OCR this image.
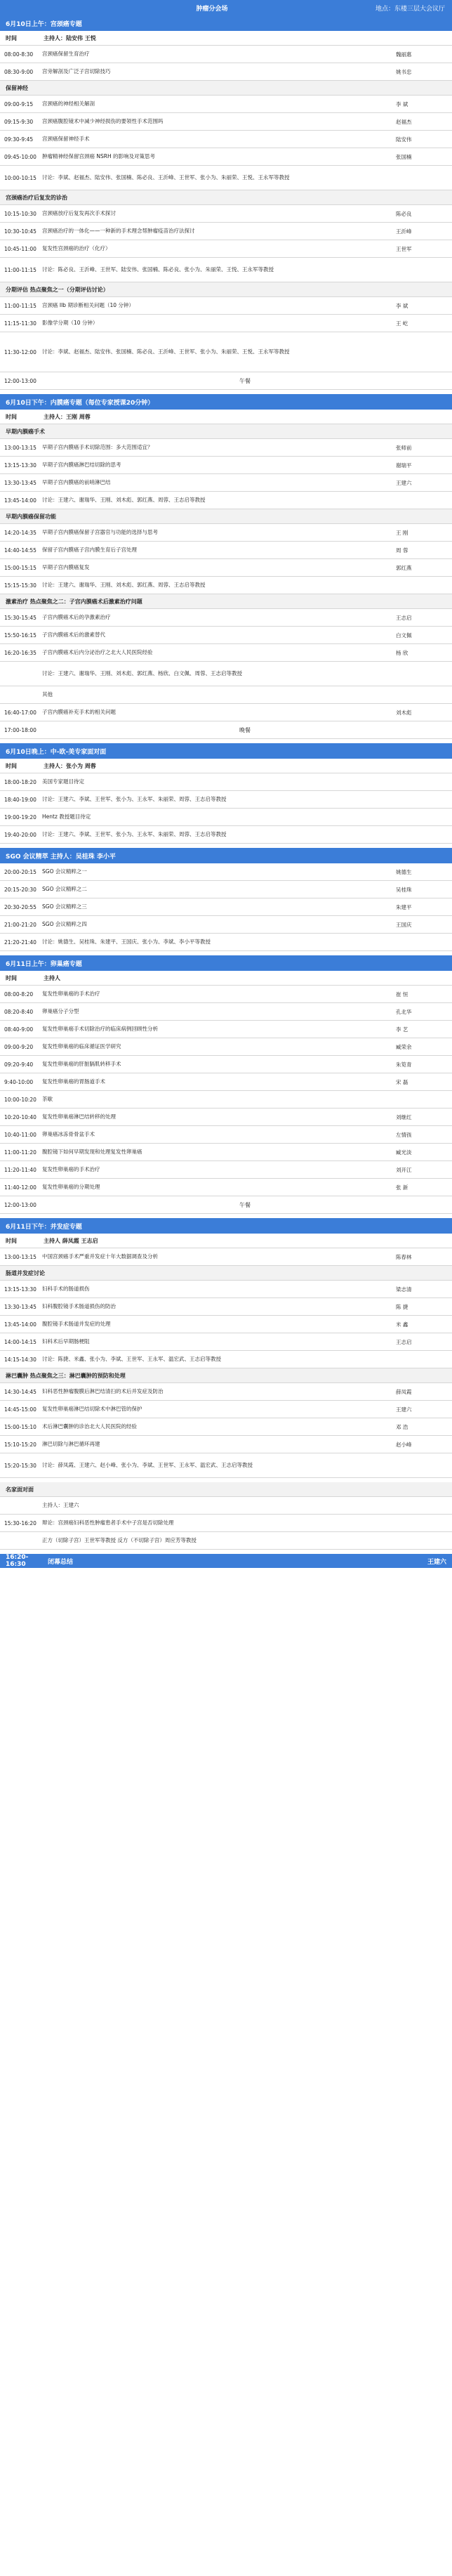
肿瘤分会场	地点：东楼三层大会议厅
6月10日上午：宫颈癌专题
时间	主持人：陆安伟 王悦
08:00-8:30	宫颈癌保留生育治疗	魏丽惠
08:30-9:00	宫旁解剖及广泛子宫切除技巧	姚书忠
保留神经
09:00-9:15	宫颈癌的神经相关解剖	李 斌
09:15-9:30	宫颈癌腹腔镜术中减少神经损伤的要领性手术范围吗	赵福杰
09:30-9:45	宫颈癌保留神经手术	陆安伟
09:45-10:00	肿瘤精神经保留宫颈癌 NSRH 的影响及对策思考	张国楠
10:00-10:15	讨论：李斌、赵福杰、陆安伟、张国楠、陈必良、王沂峰、王世军、张小为、朱丽荣、王悦、王永军等教授
宫颈癌治疗后复发的诊治
10:15-10:30	宫颈癌放疗后复发再次手术探讨	陈必良
10:30-10:45	宫颈癌治疗的一体化——一种新的手术理念帮肿瘤疫苗治疗法探讨	王沂峰
10:45-11:00	复发性宫颈癌的治疗（化疗）	王世军
11:00-11:15	讨论：陈必良、王沂峰、王世军、陆安伟、张国楠、陈必良、张小为、朱丽荣、王悦、王永军等教授
分期评估 热点聚焦之一（分期评估讨论）
11:00-11:15	宫颈癌 IIb 期诊断相关问题（10 分钟）	李 斌
11:15-11:30	影像学分期（10 分钟）	王 屹
11:30-12:00	讨论：李斌、赵福杰、陆安伟、张国楠、陈必良、王沂峰、王世军、张小为、朱丽荣、王悦、王永军等教授
12:00-13:00	午餐
6月10日下午：内膜癌专题（每位专家授课20分钟）
时间	主持人：王刚 周蓉
早期内膜癌手术
13:00-13:15	早期子宫内膜癌手术切除范围：多大范围适宜？	张师前
13:15-13:30	早期子宫内膜癌淋巴结切除的思考	谢瑞平
13:30-13:45	早期子宫内膜癌的前哨淋巴结	王建六
13:45-14:00	讨论：王建六、谢瑞华、王刚、刘木彪、郭红燕、周蓉、王志启等教授
早期内膜癌保留功能
14:20-14:35	早期子宫内膜癌保留子宫器官与功能的选择与思考	王 刚
14:40-14:55	保留子宫内膜癌子宫内膜生育后子宫处理	周 蓉
15:00-15:15	早期子宫内膜癌复发	郭红燕
15:15-15:30	讨论：王建六、谢瑞华、王刚、刘木彪、郭红燕、周蓉、王志启等教授
激素治疗 热点聚焦之二：子宫内膜癌术后激素治疗问题
15:30-15:45	子宫内膜癌术后的孕激素治疗	王志启
15:50-16:15	子宫内膜癌术后的激素替代	白文佩
16:20-16:35	子宫内膜癌术后内分泌治疗之北大人民医院经验	杨 欣
讨论：王建六、谢瑞华、王刚、刘木彪、郭红燕、杨欣、白文佩、周蓉、王志启等教授
其他
16:40-17:00	子宫内膜癌补充手术的相关问题	刘木彪
17:00-18:00	晚餐
6月10日晚上：中-欧-美专家面对面
时间	主持人：张小为 周蓉
18:00-18:20	美国专家题目待定
18:40-19:00	讨论：王建六、李斌、王世军、张小为、王永军、朱丽荣、周蓉、王志启等教授
19:00-19:20	Hentz 教授题目待定
19:40-20:00	讨论：王建六、李斌、王世军、张小为、王永军、朱丽荣、周蓉、王志启等教授
SGO 会议精萃 主持人：吴桂珠 李小平
20:00-20:15	SGO 会议精粹之一	姚德生
20:15-20:30	SGO 会议精粹之二	吴桂珠
20:30-20:55	SGO 会议精粹之三	朱建平
21:00-21:20	SGO 会议精粹之四	王国庆
21:20-21:40	讨论：姚德生、吴桂珠、朱建平、王国庆、张小为、李斌、李小平等教授
6月11日上午：卵巢癌专题
时间	主持人
08:00-8:20	复发性卵巢癌的手术治疗	崔 恒
08:20-8:40	卵巢癌分子分型	孔北华
08:40-9:00	复发性卵巢癌手术切除治疗的临床病例回顾性分析	李 艺
09:00-9:20	复发性卵巢癌的临床循证医学研究	臧荣余
09:20-9:40	复发性卵巢癌的肝脏膈肌转移手术	朱笕青
9:40-10:00	复发性卵巢癌的胃肠道手术	宋 磊
10:00-10:20	茶歇
10:20-10:40	复发性卵巢癌淋巴结转移的处理	刘继红
10:40-11:00	卵巢癌冰冻骨骨盆手术	左情孩
11:00-11:20	腹腔镜下如何早期发现和处理复发性卵巢癌	臧光淡
11:20-11:40	复发性卵巢癌的手术治疗	刘开江
11:40-12:00	复发性卵巢癌的分期处理	张 新
12:00-13:00	午餐
6月11日下午：并发症专题
时间	主持人 薛凤霞 王志启
13:00-13:15	中国宫颈癌手术严重并发症十年大数据调查及分析	陈春林
肠道并发症讨论
13:15-13:30	妇科手术的肠道损伤	梁志清
13:30-13:45	妇科腹腔镜手术肠道损伤的防治	陈 捷
13:45-14:00	腹腔镜手术肠道并发症的处理	米 鑫
14:00-14:15	妇科术后早期肠梗阻	王志启
14:15-14:30	讨论：陈捷、米鑫、张小为、李斌、王世军、王永军、温宏武、王志启等教授
淋巴囊肿 热点聚焦之三：淋巴囊肿的预防和处理
14:30-14:45	妇科恶性肿瘤腹膜后淋巴结清扫的术后并发症及防治	薛凤霞
14:45-15:00	复发性卵巢癌淋巴结切除术中淋巴管的保护	王建六
15:00-15:10	术后淋巴囊肿的诊治北大人民医院的经验	邓 浩
15:10-15:20	淋巴切除与淋巴循环再建	赵小峰
15:20-15:30	讨论：薛凤霞、王建六、赵小峰、张小为、李斌、王世军、王永军、温宏武、王志启等教授
名家面对面
主持人：王建六
15:30-16:20	辩论：宫颈癌妇科恶性肿瘤患者手术中子宫是否切除处理
正方（切除子宫）王世军等教授 反方（不切除子宫）周应芳等教授
16:20-16:30	闭幕总结	王建六
